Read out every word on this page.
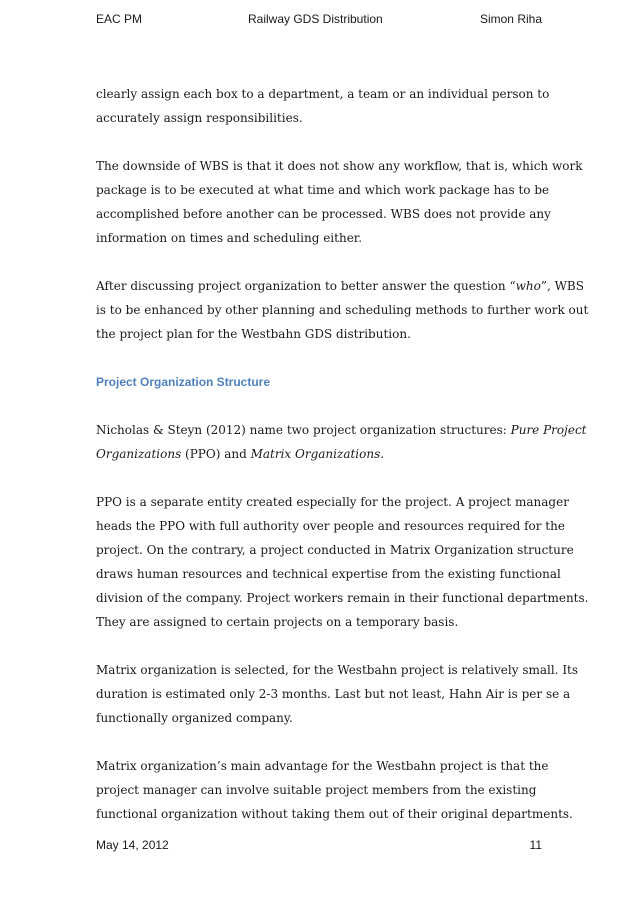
EAC PM	Railway GDS Distribution	Simon Riha

clearly assign each box to a department, a team or an individual person to
accurately assign responsibilities.

The downside of WBS is that it does not show any workflow, that is, which work
package is to be executed at what time and which work package has to be
accomplished before another can be processed. WBS does not provide any
information on times and scheduling either.

After discussing project organization to better answer the question “who”, WBS
is to be enhanced by other planning and scheduling methods to further work out
the project plan for the Westbahn GDS distribution.

Project Organization Structure

Nicholas & Steyn (2012) name two project organization structures: Pure Project
Organizations (PPO) and Matrix Organizations.

PPO is a separate entity created especially for the project. A project manager
heads the PPO with full authority over people and resources required for the
project. On the contrary, a project conducted in Matrix Organization structure
draws human resources and technical expertise from the existing functional
division of the company. Project workers remain in their functional departments.
They are assigned to certain projects on a temporary basis.

Matrix organization is selected, for the Westbahn project is relatively small. Its
duration is estimated only 2-3 months. Last but not least, Hahn Air is per se a
functionally organized company.

Matrix organization’s main advantage for the Westbahn project is that the
project manager can involve suitable project members from the existing
functional organization without taking them out of their original departments.

May 14, 2012	11
